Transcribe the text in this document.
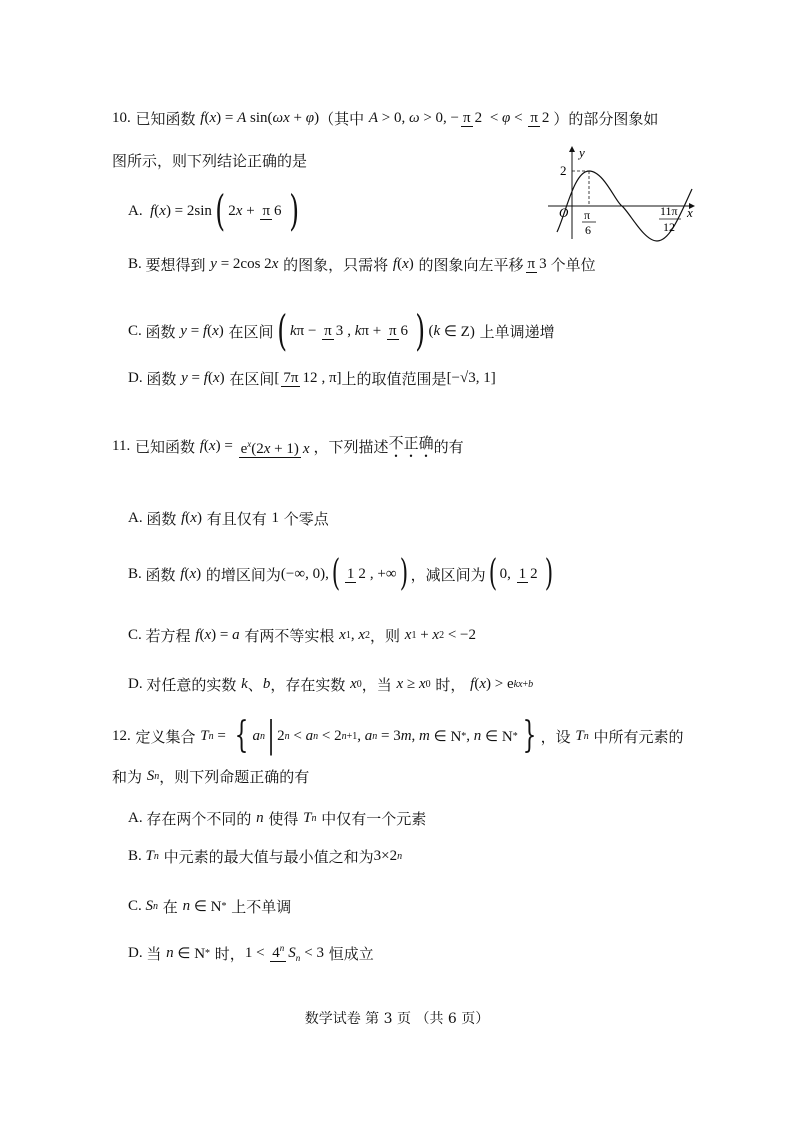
10. 已知函数 f ( x ) = A sin( ωx + φ ) （其中 A > 0, ω > 0, − π 2 < φ < π 2 ）的部分图象如
图所示，则下列结论正确的是	y
x
O
2
π
6
11π
12
A. f ( x ) = 2sin ( 2 x + π 6 )
B. 要想得到 y = 2cos 2 x 的图象，只需将 f ( x ) 的图象向左平移 π 3 个单位
C. 函数 y = f ( x ) 在区间 ( k π − π 3 , k π + π 6 ) ( k ∈ Z) 上单调递增
D. 函数 y = f ( x ) 在区间 [ 7π 12 , π] 上的取值范围是 [−√3, 1]
11. 已知函数 f ( x ) = $e^x(2x + 1)$ x ，下列描述 不正确 的有
A. 函数 f ( x ) 有且仅有 1 个零点
B. 函数 f ( x ) 的增区间为 (−∞, 0), ( 1 2 , +∞ ) ，减区间为 ( 0, 1 2 )
C. 若方程 f ( x ) = a 有两不等实根 x 1 , x 2 ，则 x 1 + x 2 < −2
D. 对任意的实数 k 、 b ，存在实数 x 0 ，当 x ≥ x 0 时， f ( x ) > e kx+b
12. 定义集合 T n = { a n | 2 n < a n < 2 n+1 , a n = 3 m , m ∈ N * , n ∈ N * } ，设 T n 中所有元素的
和为 S n ，则下列命题正确的有
A. 存在两个不同的 n 使得 T n 中仅有一个元素
B. T n 中元素的最大值与最小值之和为 3×2 n
C. S n 在 n ∈ N * 上不单调
D. 当 n ∈ N * 时， $1 < 4^n$ $S_n < 3$ 恒成立
数学试卷 第 3 页 （共 6 页）
